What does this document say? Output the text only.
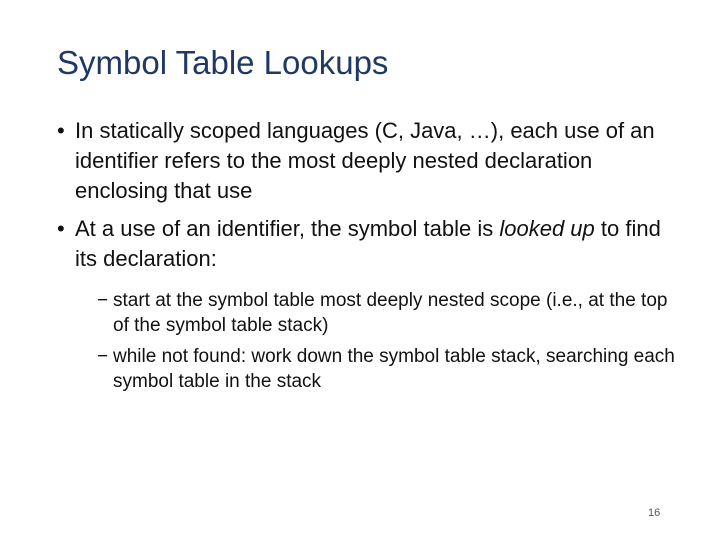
Symbol Table Lookups
• In statically scoped languages (C, Java, …), each use of an identifier refers to the most deeply nested declaration enclosing that use
• At a use of an identifier, the symbol table is looked up to find its declaration:
− start at the symbol table most deeply nested scope (i.e., at the top of the symbol table stack)
− while not found: work down the symbol table stack, searching each symbol table in the stack
16
